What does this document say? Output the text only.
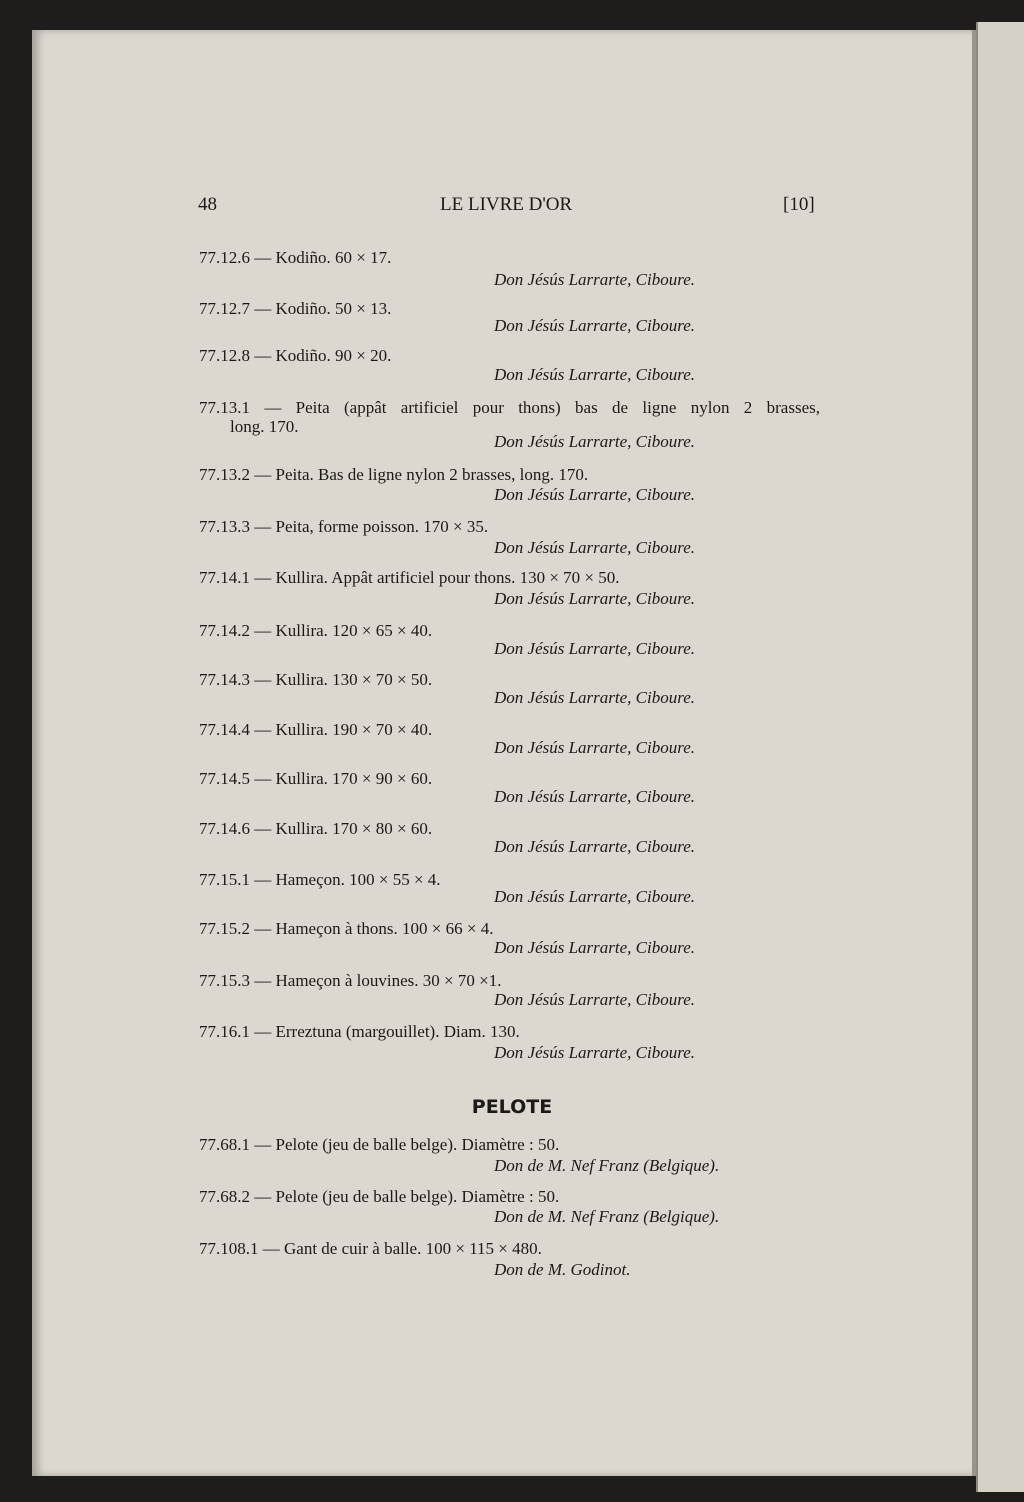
48	LE LIVRE D'OR	[10]
PELOTE
77.12.6 — Kodiño. 60 × 17.
Don Jésús Larrarte, Ciboure.
77.12.7 — Kodiño. 50 × 13.
Don Jésús Larrarte, Ciboure.
77.12.8 — Kodiño. 90 × 20.
Don Jésús Larrarte, Ciboure.
77.13.1 — Peita (appât artificiel pour thons) bas de ligne nylon 2 brasses,
long. 170.
Don Jésús Larrarte, Ciboure.
77.13.2 — Peita. Bas de ligne nylon 2 brasses, long. 170.
Don Jésús Larrarte, Ciboure.
77.13.3 — Peita, forme poisson. 170 × 35.
Don Jésús Larrarte, Ciboure.
77.14.1 — Kullira. Appât artificiel pour thons. 130 × 70 × 50.
Don Jésús Larrarte, Ciboure.
77.14.2 — Kullira. 120 × 65 × 40.
Don Jésús Larrarte, Ciboure.
77.14.3 — Kullira. 130 × 70 × 50.
Don Jésús Larrarte, Ciboure.
77.14.4 — Kullira. 190 × 70 × 40.
Don Jésús Larrarte, Ciboure.
77.14.5 — Kullira. 170 × 90 × 60.
Don Jésús Larrarte, Ciboure.
77.14.6 — Kullira. 170 × 80 × 60.
Don Jésús Larrarte, Ciboure.
77.15.1 — Hameçon. 100 × 55 × 4.
Don Jésús Larrarte, Ciboure.
77.15.2 — Hameçon à thons. 100 × 66 × 4.
Don Jésús Larrarte, Ciboure.
77.15.3 — Hameçon à louvines. 30 × 70 ×1.
Don Jésús Larrarte, Ciboure.
77.16.1 — Erreztuna (margouillet). Diam. 130.
Don Jésús Larrarte, Ciboure.
77.68.1 — Pelote (jeu de balle belge). Diamètre : 50.
Don de M. Nef Franz (Belgique).
77.68.2 — Pelote (jeu de balle belge). Diamètre : 50.
Don de M. Nef Franz (Belgique).
77.108.1 — Gant de cuir à balle. 100 × 115 × 480.
Don de M. Godinot.
